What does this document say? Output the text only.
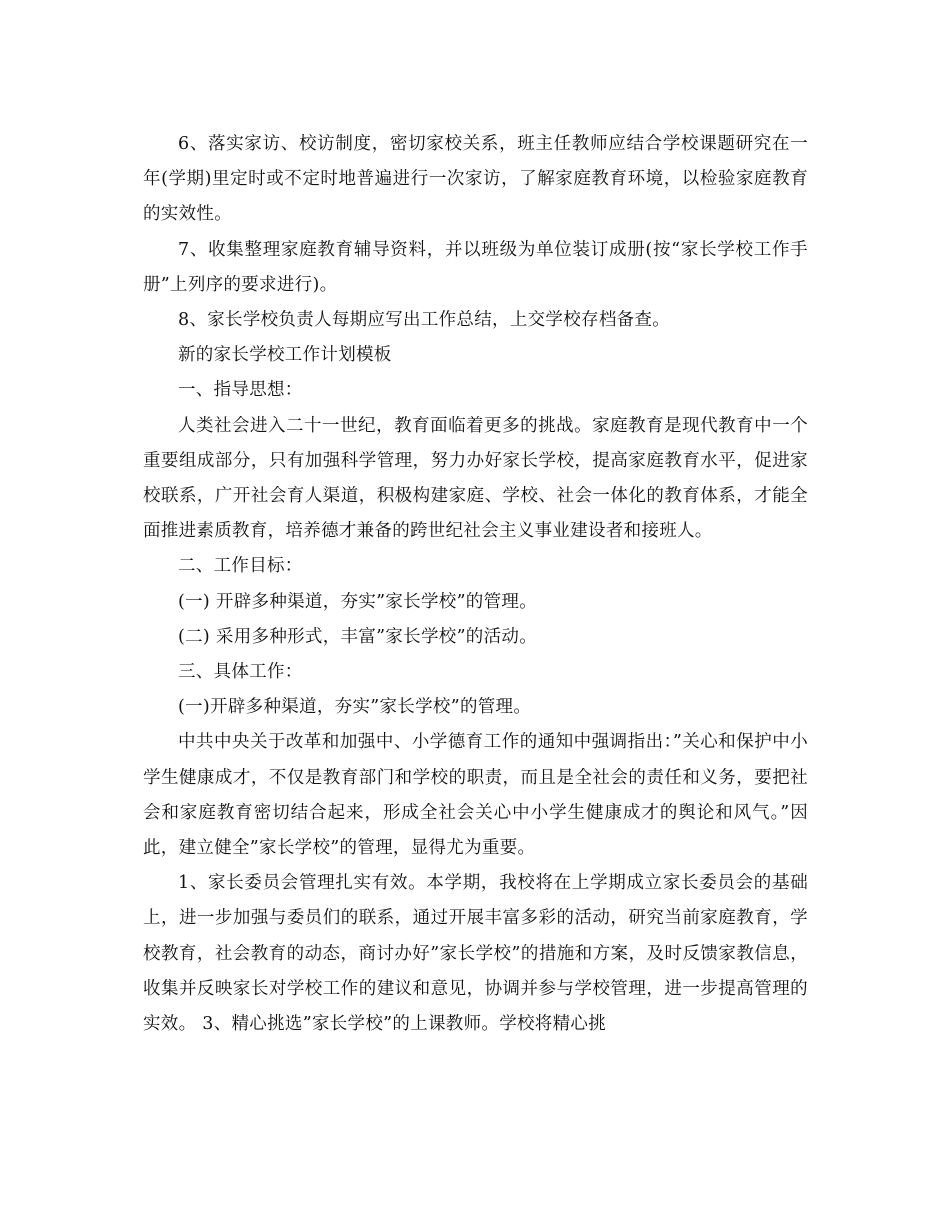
6、落实家访、校访制度，密切家校关系，班主任教师应结合学校课题研究在一年(学期)里定时或不定时地普遍进行一次家访，了解家庭教育环境，以检验家庭教育的实效性。

7、收集整理家庭教育辅导资料，并以班级为单位装订成册(按“家长学校工作手册”上列序的要求进行)。

8、家长学校负责人每期应写出工作总结，上交学校存档备查。

新的家长学校工作计划模板

一、指导思想：

人类社会进入二十一世纪，教育面临着更多的挑战。家庭教育是现代教育中一个重要组成部分，只有加强科学管理，努力办好家长学校，提高家庭教育水平，促进家校联系，广开社会育人渠道，积极构建家庭、学校、社会一体化的教育体系，才能全面推进素质教育，培养德才兼备的跨世纪社会主义事业建设者和接班人。

二、工作目标：

(一) 开辟多种渠道，夯实”家长学校”的管理。

(二) 采用多种形式，丰富”家长学校”的活动。

三、具体工作：

(一)开辟多种渠道，夯实”家长学校”的管理。

中共中央关于改革和加强中、小学德育工作的通知中强调指出：”关心和保护中小学生健康成才，不仅是教育部门和学校的职责，而且是全社会的责任和义务，要把社会和家庭教育密切结合起来，形成全社会关心中小学生健康成才的舆论和风气。”因此，建立健全”家长学校”的管理，显得尤为重要。

1、家长委员会管理扎实有效。本学期，我校将在上学期成立家长委员会的基础上，进一步加强与委员们的联系，通过开展丰富多彩的活动，研究当前家庭教育，学校教育，社会教育的动态，商讨办好”家长学校”的措施和方案，及时反馈家教信息，收集并反映家长对学校工作的建议和意见，协调并参与学校管理，进一步提高管理的实效。 3、精心挑选”家长学校”的上课教师。学校将精心挑
